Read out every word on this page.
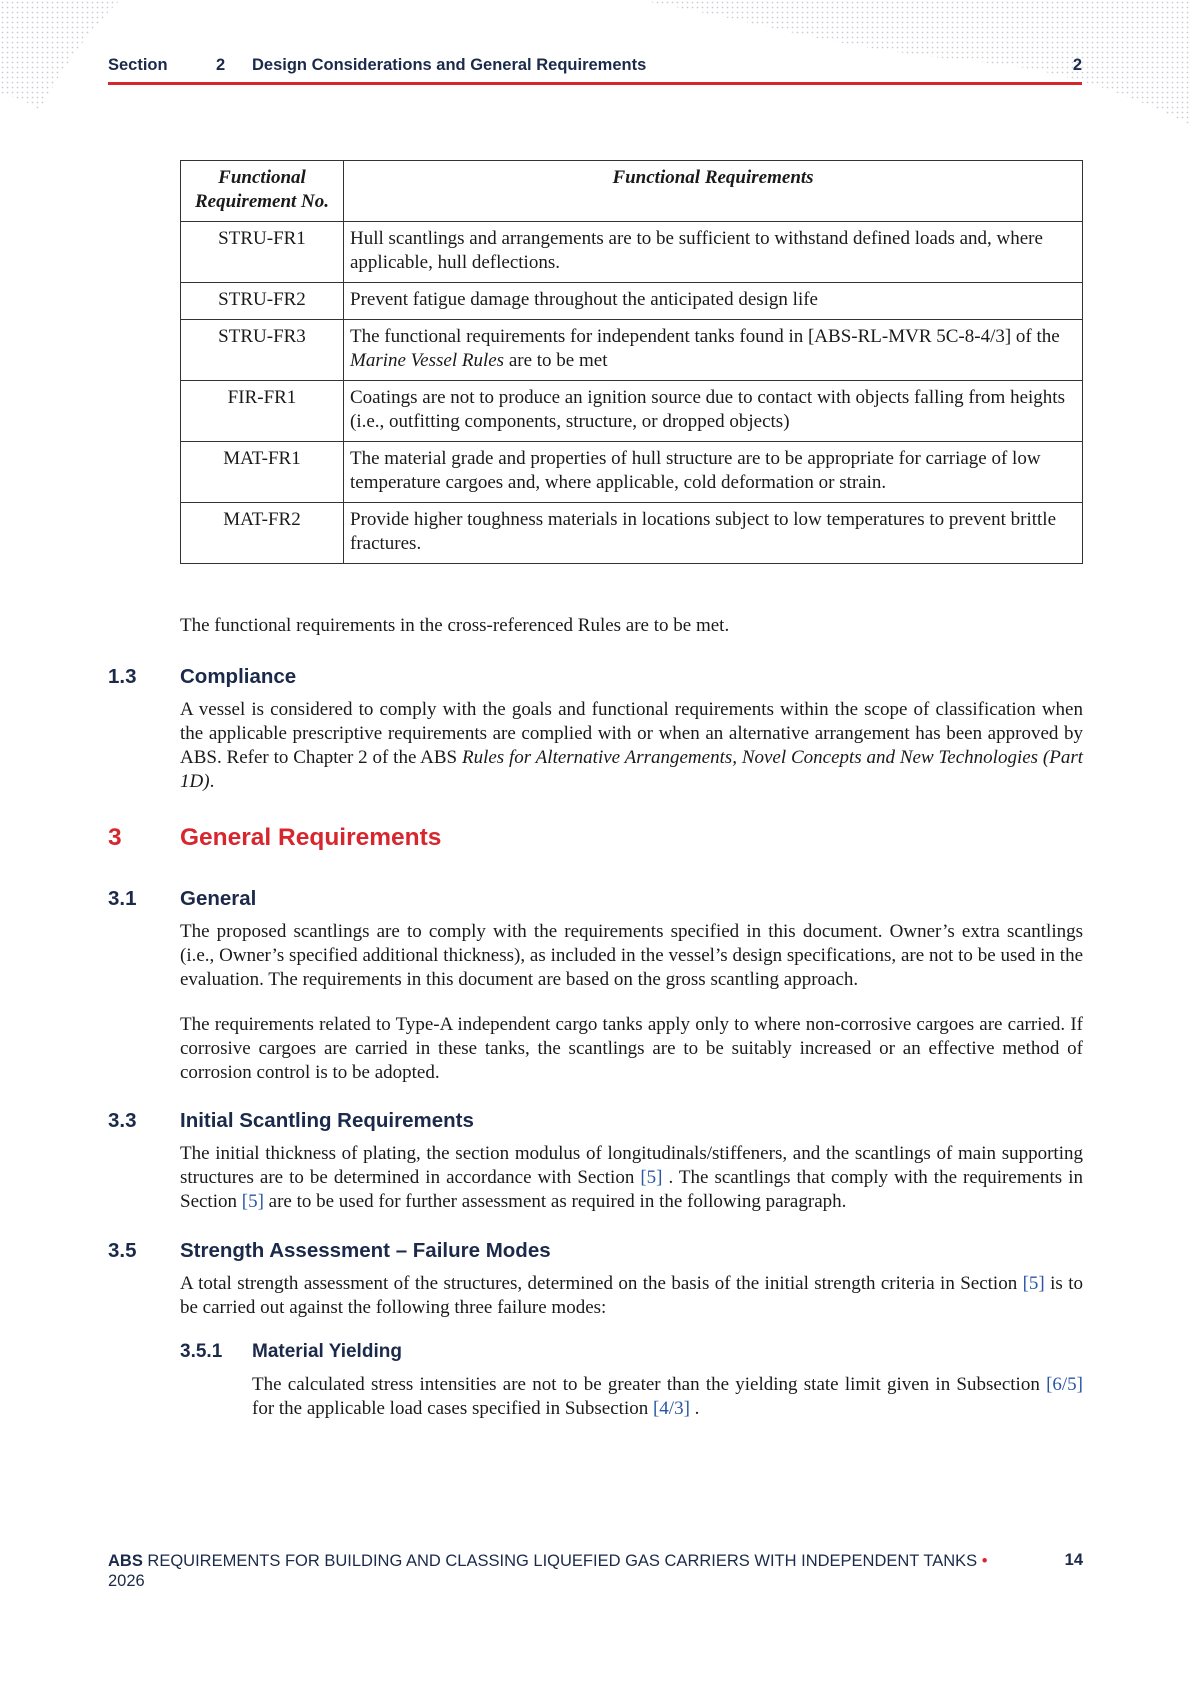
Section	2 Design Considerations and General Requirements	2
Functional Requirement No.	Functional Requirements
STRU-FR1	Hull scantlings and arrangements are to be sufficient to withstand defined loads and, where applicable, hull deflections.
STRU-FR2	Prevent fatigue damage throughout the anticipated design life
STRU-FR3	The functional requirements for independent tanks found in [ABS-RL-MVR 5C-8-4/3] of the Marine Vessel Rules are to be met
FIR-FR1	Coatings are not to produce an ignition source due to contact with objects falling from heights (i.e., outfitting components, structure, or dropped objects)
MAT-FR1	The material grade and properties of hull structure are to be appropriate for carriage of low temperature cargoes and, where applicable, cold deformation or strain.
MAT-FR2	Provide higher toughness materials in locations subject to low temperatures to prevent brittle fractures.

The functional requirements in the cross-referenced Rules are to be met.

1.3 Compliance

A vessel is considered to comply with the goals and functional requirements within the scope of classification when the applicable prescriptive requirements are complied with or when an alternative arrangement has been approved by ABS. Refer to Chapter 2 of the ABS Rules for Alternative Arrangements, Novel Concepts and New Technologies (Part 1D).

3 General Requirements
3.1 General

The proposed scantlings are to comply with the requirements specified in this document. Owner’s extra scantlings (i.e., Owner’s specified additional thickness), as included in the vessel’s design specifications, are not to be used in the evaluation. The requirements in this document are based on the gross scantling approach.

The requirements related to Type-A independent cargo tanks apply only to where non-corrosive cargoes are carried. If corrosive cargoes are carried in these tanks, the scantlings are to be suitably increased or an effective method of corrosion control is to be adopted.

3.3 Initial Scantling Requirements

The initial thickness of plating, the section modulus of longitudinals/stiffeners, and the scantlings of main supporting structures are to be determined in accordance with Section [5] . The scantlings that comply with the requirements in Section [5] are to be used for further assessment as required in the following paragraph.

3.5 Strength Assessment – Failure Modes

A total strength assessment of the structures, determined on the basis of the initial strength criteria in Section [5] is to be carried out against the following three failure modes:

3.5.1 Material Yielding

The calculated stress intensities are not to be greater than the yielding state limit given in Subsection [6/5] for the applicable load cases specified in Subsection [4/3] .

ABS REQUIREMENTS FOR BUILDING AND CLASSING LIQUEFIED GAS CARRIERS WITH INDEPENDENT TANKS • 2026
14
